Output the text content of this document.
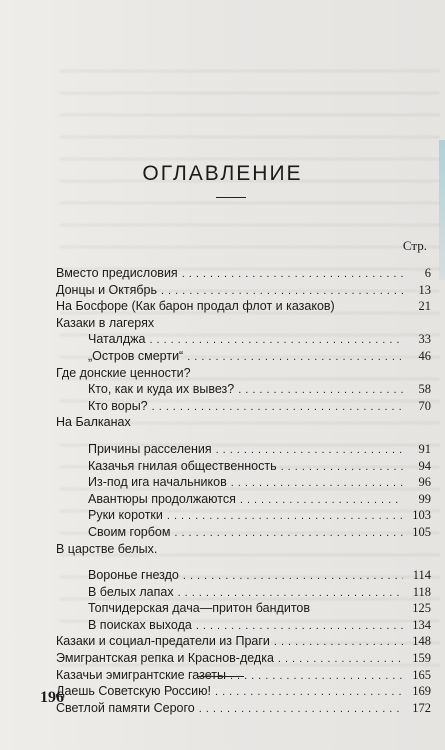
ОГЛАВЛЕНИЕ
Стр.
Вместо предисловия .....	6
Донцы и Октябрь .....	13
На Босфоре (Как барон продал флот и казаков)	21
Казаки в лагерях
Чаталджа .....	33
„Остров смерти“ .....	46
Где донские ценности?
Кто, как и куда их вывез? .....	58
Кто воры? .....	70
На Балканах
Причины расселения .....	91
Казачья гнилая общественность .....	94
Из-под ига начальников .....	96
Авантюры продолжаются .....	99
Руки коротки .....	103
Своим горбом .....	105
В царстве белых.
Воронье гнездо .....	114
В белых лапах .....	118
Топчидерская дача—притон бандитов	125
В поисках выхода .....	134
Казаки и социал-предатели из Праги .....	148
Эмигрантская репка и Краснов-дедка .....	159
Казачьи эмигрантские газеты .....	165
Даешь Советскую Россию! .....	169
Светлой памяти Серого .....	172
196
